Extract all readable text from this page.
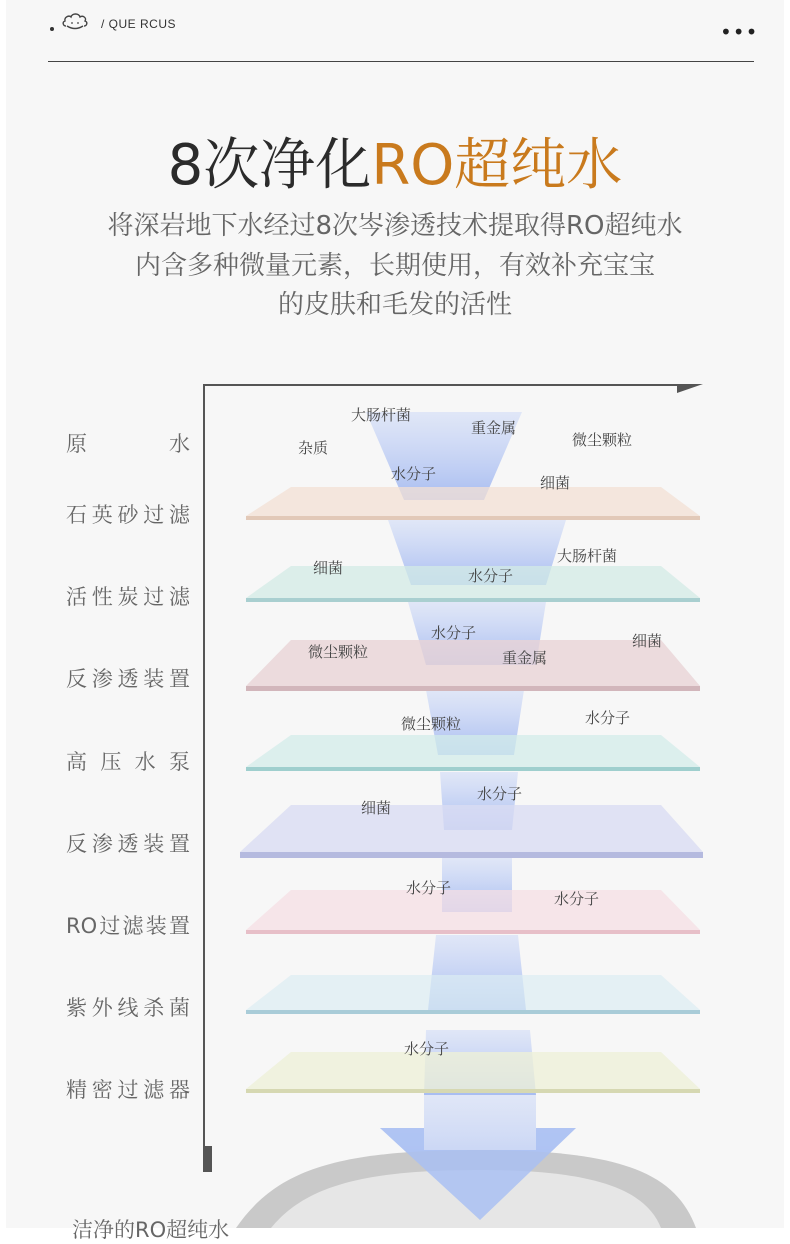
/ QUE RCUS	•••
8次净化RO超纯水
将深岩地下水经过8次岑渗透技术提取得RO超纯水
内含多种微量元素，长期使用，有效补充宝宝
的皮肤和毛发的活性
原　　水
石英砂过滤
活性炭过滤
反渗透装置
高 压 水 泵
反渗透装置
RO过滤装置
紫外线杀菌
精密过滤器
大肠杆菌
重金属
微尘颗粒
杂质
水分子	细菌
细菌	水分子
大肠杆菌
水分子	细菌
微尘颗粒	重金属
微尘颗粒	水分子
水分子
细菌
水分子
水分子
水分子
洁净的RO超纯水
